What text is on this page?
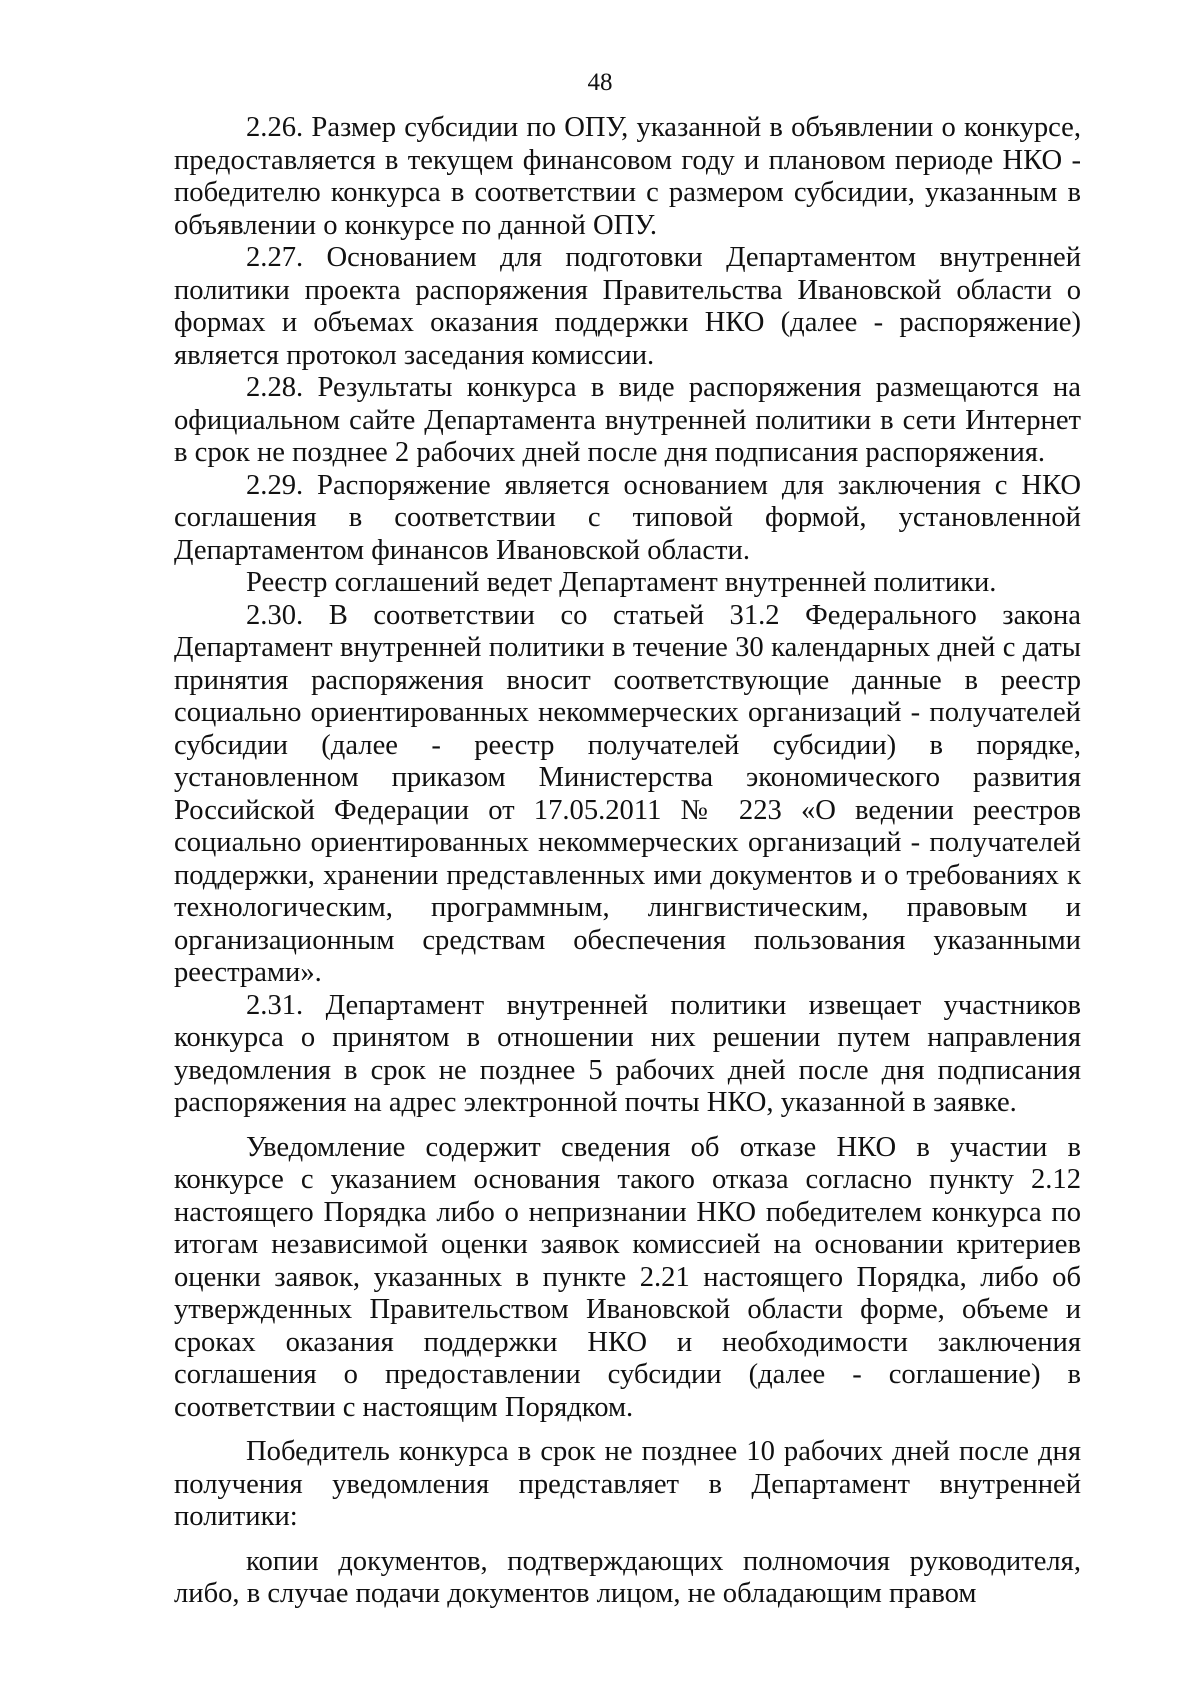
48

2.26. Размер субсидии по ОПУ, указанной в объявлении о конкурсе, предоставляется в текущем финансовом году и плановом периоде НКО - победителю конкурса в соответствии с размером субсидии, указанным в объявлении о конкурсе по данной ОПУ.

2.27. Основанием для подготовки Департаментом внутренней политики проекта распоряжения Правительства Ивановской области о формах и объемах оказания поддержки НКО (далее - распоряжение) является протокол заседания комиссии.

2.28. Результаты конкурса в виде распоряжения размещаются на официальном сайте Департамента внутренней политики в сети Интернет в срок не позднее 2 рабочих дней после дня подписания распоряжения.

2.29. Распоряжение является основанием для заключения с НКО соглашения в соответствии с типовой формой, установленной Департаментом финансов Ивановской области.

Реестр соглашений ведет Департамент внутренней политики.

2.30. В соответствии со статьей 31.2 Федерального закона Департамент внутренней политики в течение 30 календарных дней с даты принятия распоряжения вносит соответствующие данные в реестр социально ориентированных некоммерческих организаций - получателей субсидии (далее - реестр получателей субсидии) в порядке, установленном приказом Министерства экономического развития Российской Федерации от 17.05.2011 № 223 «О ведении реестров социально ориентированных некоммерческих организаций - получателей поддержки, хранении представленных ими документов и о требованиях к технологическим, программным, лингвистическим, правовым и организационным средствам обеспечения пользования указанными реестрами».

2.31. Департамент внутренней политики извещает участников конкурса о принятом в отношении них решении путем направления уведомления в срок не позднее 5 рабочих дней после дня подписания распоряжения на адрес электронной почты НКО, указанной в заявке.

Уведомление содержит сведения об отказе НКО в участии в конкурсе с указанием основания такого отказа согласно пункту 2.12 настоящего Порядка либо о непризнании НКО победителем конкурса по итогам независимой оценки заявок комиссией на основании критериев оценки заявок, указанных в пункте 2.21 настоящего Порядка, либо об утвержденных Правительством Ивановской области форме, объеме и сроках оказания поддержки НКО и необходимости заключения соглашения о предоставлении субсидии (далее - соглашение) в соответствии с настоящим Порядком.

Победитель конкурса в срок не позднее 10 рабочих дней после дня получения уведомления представляет в Департамент внутренней политики:

копии документов, подтверждающих полномочия руководителя, либо, в случае подачи документов лицом, не обладающим правом
